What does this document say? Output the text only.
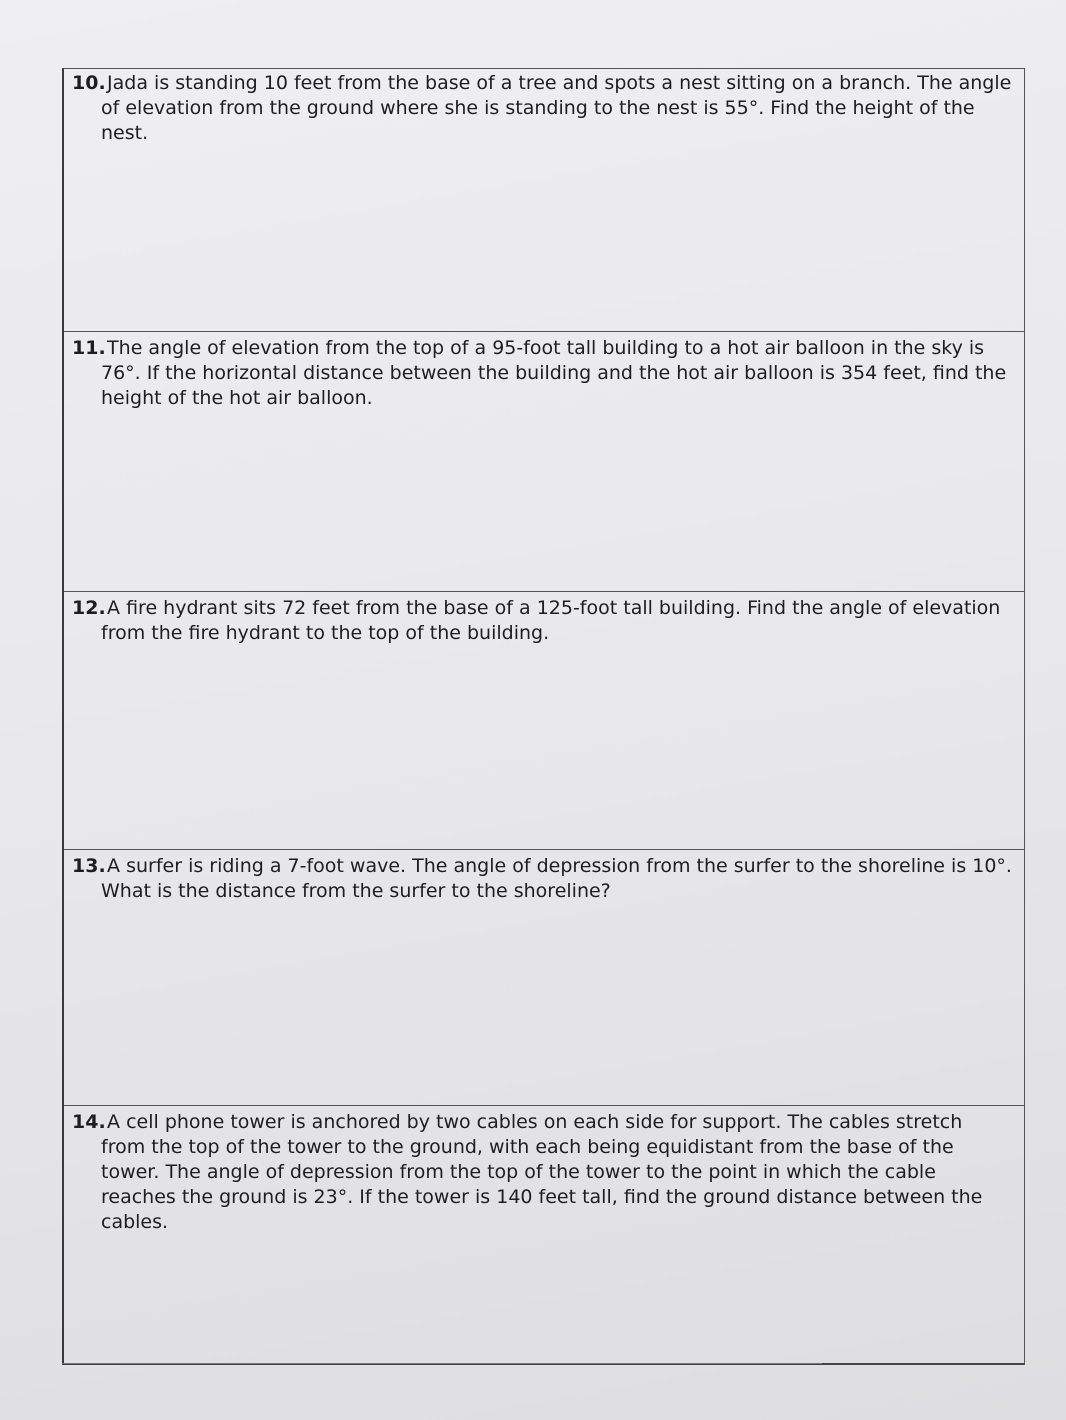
10. Jada is standing 10 feet from the base of a tree and spots a nest sitting on a branch. The angle of elevation from the ground where she is standing to the nest is 55°. Find the height of the nest.
11. The angle of elevation from the top of a 95-foot tall building to a hot air balloon in the sky is 76°. If the horizontal distance between the building and the hot air balloon is 354 feet, find the height of the hot air balloon.
12. A fire hydrant sits 72 feet from the base of a 125-foot tall building. Find the angle of elevation from the fire hydrant to the top of the building.
13. A surfer is riding a 7-foot wave. The angle of depression from the surfer to the shoreline is 10°. What is the distance from the surfer to the shoreline?
14. A cell phone tower is anchored by two cables on each side for support. The cables stretch from the top of the tower to the ground, with each being equidistant from the base of the tower. The angle of depression from the top of the tower to the point in which the cable reaches the ground is 23°. If the tower is 140 feet tall, find the ground distance between the cables.
